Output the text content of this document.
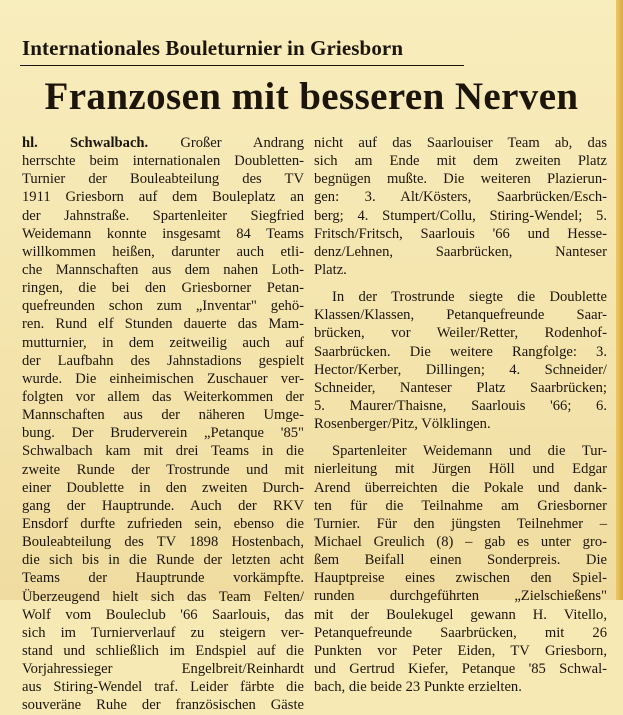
Internationales Bouleturnier in Griesborn
Franzosen mit besseren Nerven
hl. Schwalbach. Großer Andrang
herrschte beim internationalen Doubletten-
Turnier der Bouleabteilung des TV
1911 Griesborn auf dem Bouleplatz an
der Jahnstraße. Spartenleiter Siegfried
Weidemann konnte insgesamt 84 Teams
willkommen heißen, darunter auch etli-
che Mannschaften aus dem nahen Loth-
ringen, die bei den Griesborner Petan-
quefreunden schon zum „Inventar" gehö-
ren. Rund elf Stunden dauerte das Mam-
mutturnier, in dem zeitweilig auch auf
der Laufbahn des Jahnstadions gespielt
wurde. Die einheimischen Zuschauer ver-
folgten vor allem das Weiterkommen der
Mannschaften aus der näheren Umge-
bung. Der Bruderverein „Petanque '85"
Schwalbach kam mit drei Teams in die
zweite Runde der Trostrunde und mit
einer Doublette in den zweiten Durch-
gang der Hauptrunde. Auch der RKV
Ensdorf durfte zufrieden sein, ebenso die
Bouleabteilung des TV 1898 Hostenbach,
die sich bis in die Runde der letzten acht
Teams der Hauptrunde vorkämpfte.
Überzeugend hielt sich das Team Felten/
Wolf vom Bouleclub '66 Saarlouis, das
sich im Turnierverlauf zu steigern ver-
stand und schließlich im Endspiel auf die
Vorjahressieger Engelbreit/Reinhardt
aus Stiring-Wendel traf. Leider färbte die
souveräne Ruhe der französischen Gäste
nicht auf das Saarlouiser Team ab, das
sich am Ende mit dem zweiten Platz
begnügen mußte. Die weiteren Plazierun-
gen: 3. Alt/Kösters, Saarbrücken/Esch-
berg; 4. Stumpert/Collu, Stiring-Wendel; 5.
Fritsch/Fritsch, Saarlouis '66 und Hesse-
denz/Lehnen, Saarbrücken, Nanteser
Platz.
In der Trostrunde siegte die Doublette
Klassen/Klassen, Petanquefreunde Saar-
brücken, vor Weiler/Retter, Rodenhof-
Saarbrücken. Die weitere Rangfolge: 3.
Hector/Kerber, Dillingen; 4. Schneider/
Schneider, Nanteser Platz Saarbrücken;
5. Maurer/Thaisne, Saarlouis '66; 6.
Rosenberger/Pitz, Völklingen.
Spartenleiter Weidemann und die Tur-
nierleitung mit Jürgen Höll und Edgar
Arend überreichten die Pokale und dank-
ten für die Teilnahme am Griesborner
Turnier. Für den jüngsten Teilnehmer –
Michael Greulich (8) – gab es unter gro-
ßem Beifall einen Sonderpreis. Die
Hauptpreise eines zwischen den Spiel-
runden durchgeführten „Zielschießens"
mit der Boulekugel gewann H. Vitello,
Petanquefreunde Saarbrücken, mit 26
Punkten vor Peter Eiden, TV Griesborn,
und Gertrud Kiefer, Petanque '85 Schwal-
bach, die beide 23 Punkte erzielten.
